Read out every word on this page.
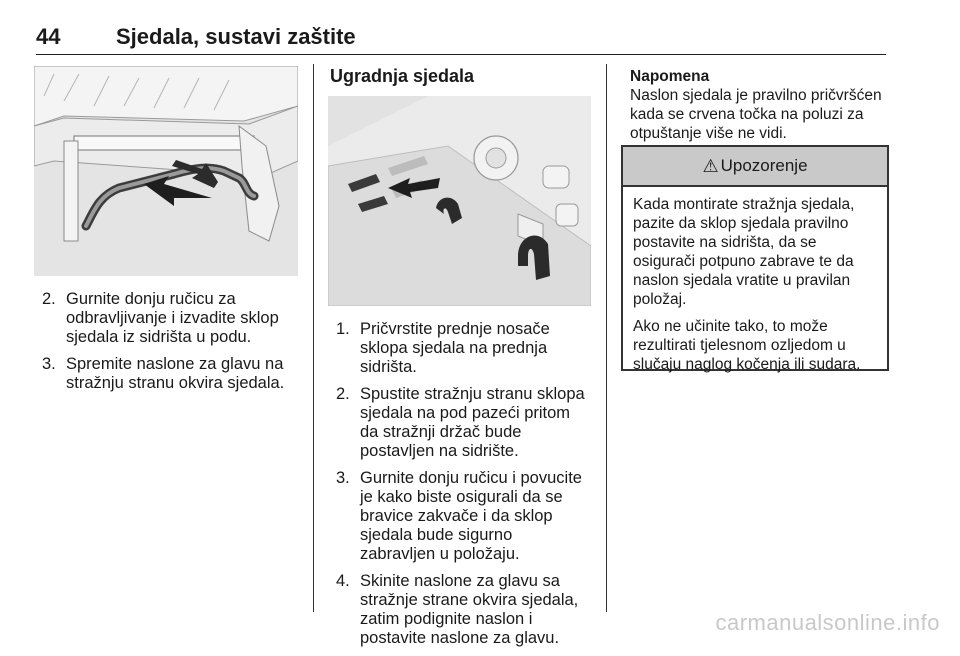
44	Sjedala, sustavi zaštite
2. Gurnite donju ručicu za odbravljivanje i izvadite sklop sjedala iz sidrišta u podu.
3. Spremite naslone za glavu na stražnju stranu okvira sjedala.
Ugradnja sjedala
1. Pričvrstite prednje nosače sklopa sjedala na prednja sidrišta.
2. Spustite stražnju stranu sklopa sjedala na pod pazeći pritom da stražnji držač bude postavljen na sidrište.
3. Gurnite donju ručicu i povucite je kako biste osigurali da se bravice zakvače i da sklop sjedala bude sigurno zabravljen u položaju.
4. Skinite naslone za glavu sa stražnje strane okvira sjedala, zatim podignite naslon i postavite naslone za glavu.
Napomena
Naslon sjedala je pravilno pričvršćen kada se crvena točka na poluzi za otpuštanje više ne vidi.
⚠ Upozorenje

Kada montirate stražnja sjedala, pazite da sklop sjedala pravilno postavite na sidrišta, da se osigurači potpuno zabrave te da naslon sjedala vratite u pravilan položaj.

Ako ne učinite tako, to može rezultirati tjelesnom ozljedom u slučaju naglog kočenja ili sudara.

carmanualsonline.info
